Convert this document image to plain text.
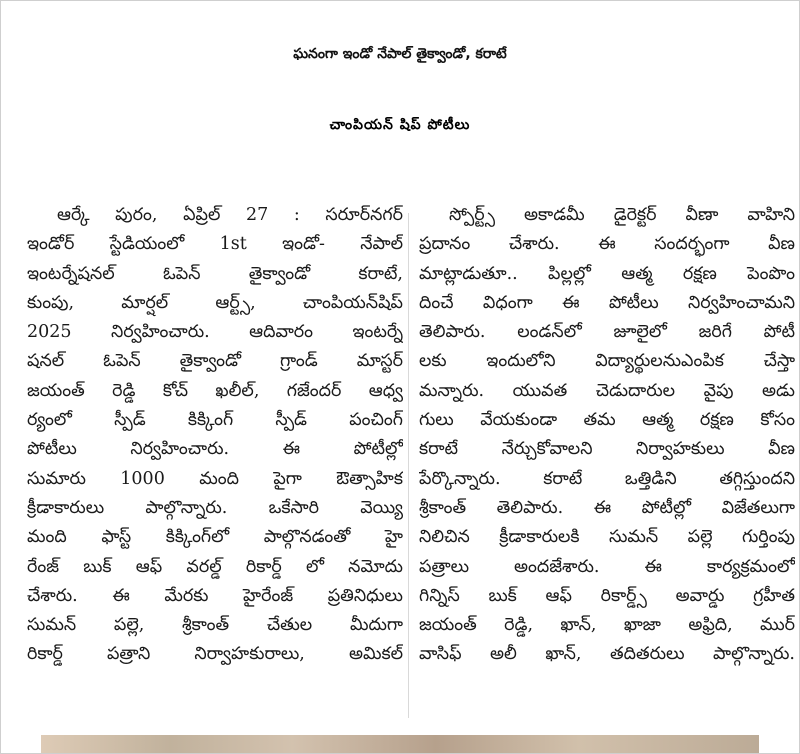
ఘనంగా ఇండో నేపాల్ తైక్వాండో, కరాటే
చాంపియన్ షిప్ పోటీలు
ఆర్కే పురం, ఏప్రిల్ 27 : సరూర్‌నగర్
ఇండోర్ స్టేడియంలో 1st ఇండో- నేపాల్
ఇంటర్నేషనల్ ఓపెన్ తైక్వాండో కరాటే,
కుంపు, మార్షల్ ఆర్ట్స్, చాంపియన్‌షిప్
2025 నిర్వహించారు. ఆదివారం ఇంటర్నే
షనల్ ఓపెన్ తైక్వాండో గ్రాండ్ మాస్టర్
జయంత్ రెడ్డి కోచ్ ఖలీల్, గజేందర్ ఆధ్వ
ర్యంలో స్పీడ్ కిక్కింగ్ స్పీడ్ పంచింగ్
పోటీలు నిర్వహించారు. ఈ పోటీల్లో
సుమారు 1000 మంది పైగా ఔత్సాహిక
క్రీడాకారులు పాల్గొన్నారు. ఒకేసారి వెయ్యి
మంది ఫాస్ట్ కిక్కింగ్‌లో పాల్గొనడంతో హై
రేంజ్ బుక్ ఆఫ్ వరల్డ్ రికార్డ్ లో నమోదు
చేశారు. ఈ మేరకు హైరేంజ్ ప్రతినిధులు
సుమన్ పల్లె, శ్రీకాంత్ చేతుల మీదుగా
రికార్డ్ పత్రాని నిర్వాహకురాలు, అమికల్
స్పోర్ట్స్ అకాడమీ డైరెక్టర్ వీణా వాహిని
ప్రదానం చేశారు. ఈ సందర్భంగా వీణ
మాట్లాడుతూ.. పిల్లల్లో ఆత్మ రక్షణ పెంపొం
దించే విధంగా ఈ పోటీలు నిర్వహించామని
తెలిపారు. లండన్‌లో జూలైలో జరిగే పోటీ
లకు ఇందులోని విద్యార్థులనుఎంపిక చేస్తా
మన్నారు. యువత చెడుదారుల వైపు అడు
గులు వేయకుండా తమ ఆత్మ రక్షణ కోసం
కరాటే నేర్చుకోవాలని నిర్వాహకులు వీణ
పేర్కొన్నారు. కరాటే ఒత్తిడిని తగ్గిస్తుందని
శ్రీకాంత్ తెలిపారు. ఈ పోటీల్లో విజేతలుగా
నిలిచిన క్రీడాకారులకి సుమన్ పల్లె గుర్తింపు
పత్రాలు అందజేశారు. ఈ కార్యక్రమంలో
గిన్నిస్ బుక్ ఆఫ్ రికార్డ్స్ అవార్డు గ్రహీత
జయంత్ రెడ్డి, ఖాన్, ఖాజా అఫ్రిది, ముర్
వాసిఫ్ అలీ ఖాన్, తదితరులు పాల్గొన్నారు.
